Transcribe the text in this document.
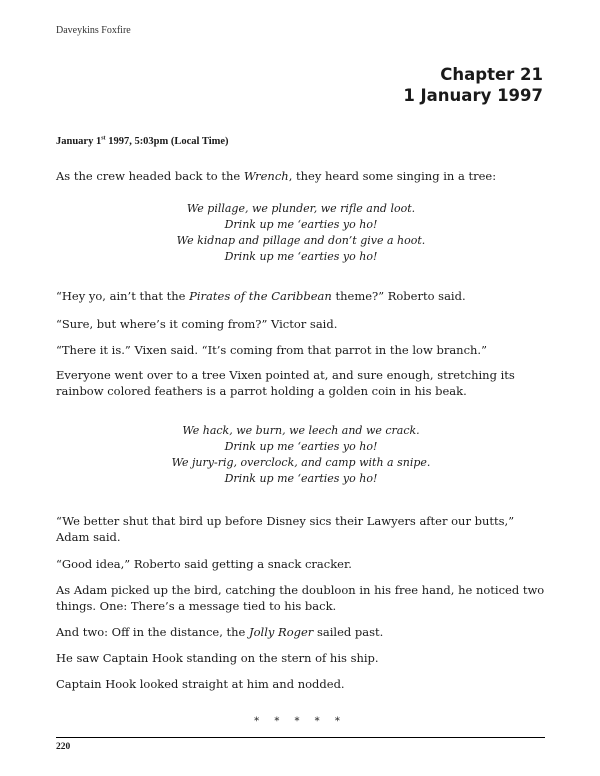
Daveykins Foxfire
Chapter 21
1 January 1997
January 1st 1997, 5:03pm (Local Time)

As the crew headed back to the Wrench, they heard some singing in a tree:

We pillage, we plunder, we rifle and loot.
Drink up me ‘earties yo ho!
We kidnap and pillage and don’t give a hoot.
Drink up me ‘earties yo ho!

“Hey yo, ain’t that the Pirates of the Caribbean theme?” Roberto said.

“Sure, but where’s it coming from?” Victor said.

“There it is.” Vixen said. “It’s coming from that parrot in the low branch.”

Everyone went over to a tree Vixen pointed at, and sure enough, stretching its rainbow colored feathers is a parrot holding a golden coin in his beak.

We hack, we burn, we leech and we crack.
Drink up me ‘earties yo ho!
We jury-rig, overclock, and camp with a snipe.
Drink up me ‘earties yo ho!

“We better shut that bird up before Disney sics their Lawyers after our butts,” Adam said.

“Good idea,” Roberto said getting a snack cracker.

As Adam picked up the bird, catching the doubloon in his free hand, he noticed two things. One: There’s a message tied to his back.

And two: Off in the distance, the Jolly Roger sailed past.

He saw Captain Hook standing on the stern of his ship.

Captain Hook looked straight at him and nodded.

* * * * *
220
